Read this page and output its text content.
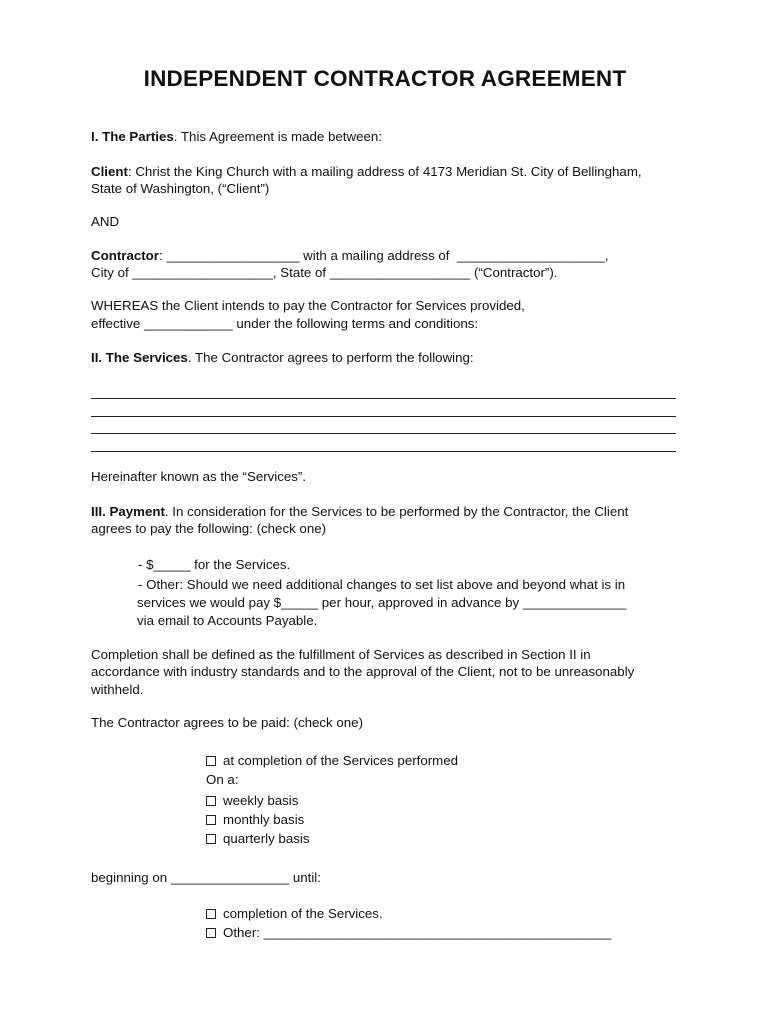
INDEPENDENT CONTRACTOR AGREEMENT
I. The Parties. This Agreement is made between:
Client: Christ the King Church with a mailing address of 4173 Meridian St. City of Bellingham,
State of Washington, (“Client”)
AND
Contractor: __________________ with a mailing address of  ____________________,
City of ___________________, State of ___________________ (“Contractor”).
WHEREAS the Client intends to pay the Contractor for Services provided,
effective ____________ under the following terms and conditions:
II. The Services. The Contractor agrees to perform the following:
Hereinafter known as the “Services”.
III. Payment. In consideration for the Services to be performed by the Contractor, the Client
agrees to pay the following: (check one)
- $_____ for the Services.
- Other: Should we need additional changes to set list above and beyond what is in
services we would pay $_____ per hour, approved in advance by ______________
via email to Accounts Payable.
Completion shall be defined as the fulfillment of Services as described in Section II in
accordance with industry standards and to the approval of the Client, not to be unreasonably
withheld.
The Contractor agrees to be paid: (check one)
at completion of the Services performed
On a:
weekly basis
monthly basis
quarterly basis
beginning on ________________ until:
completion of the Services.
Other: _______________________________________________
